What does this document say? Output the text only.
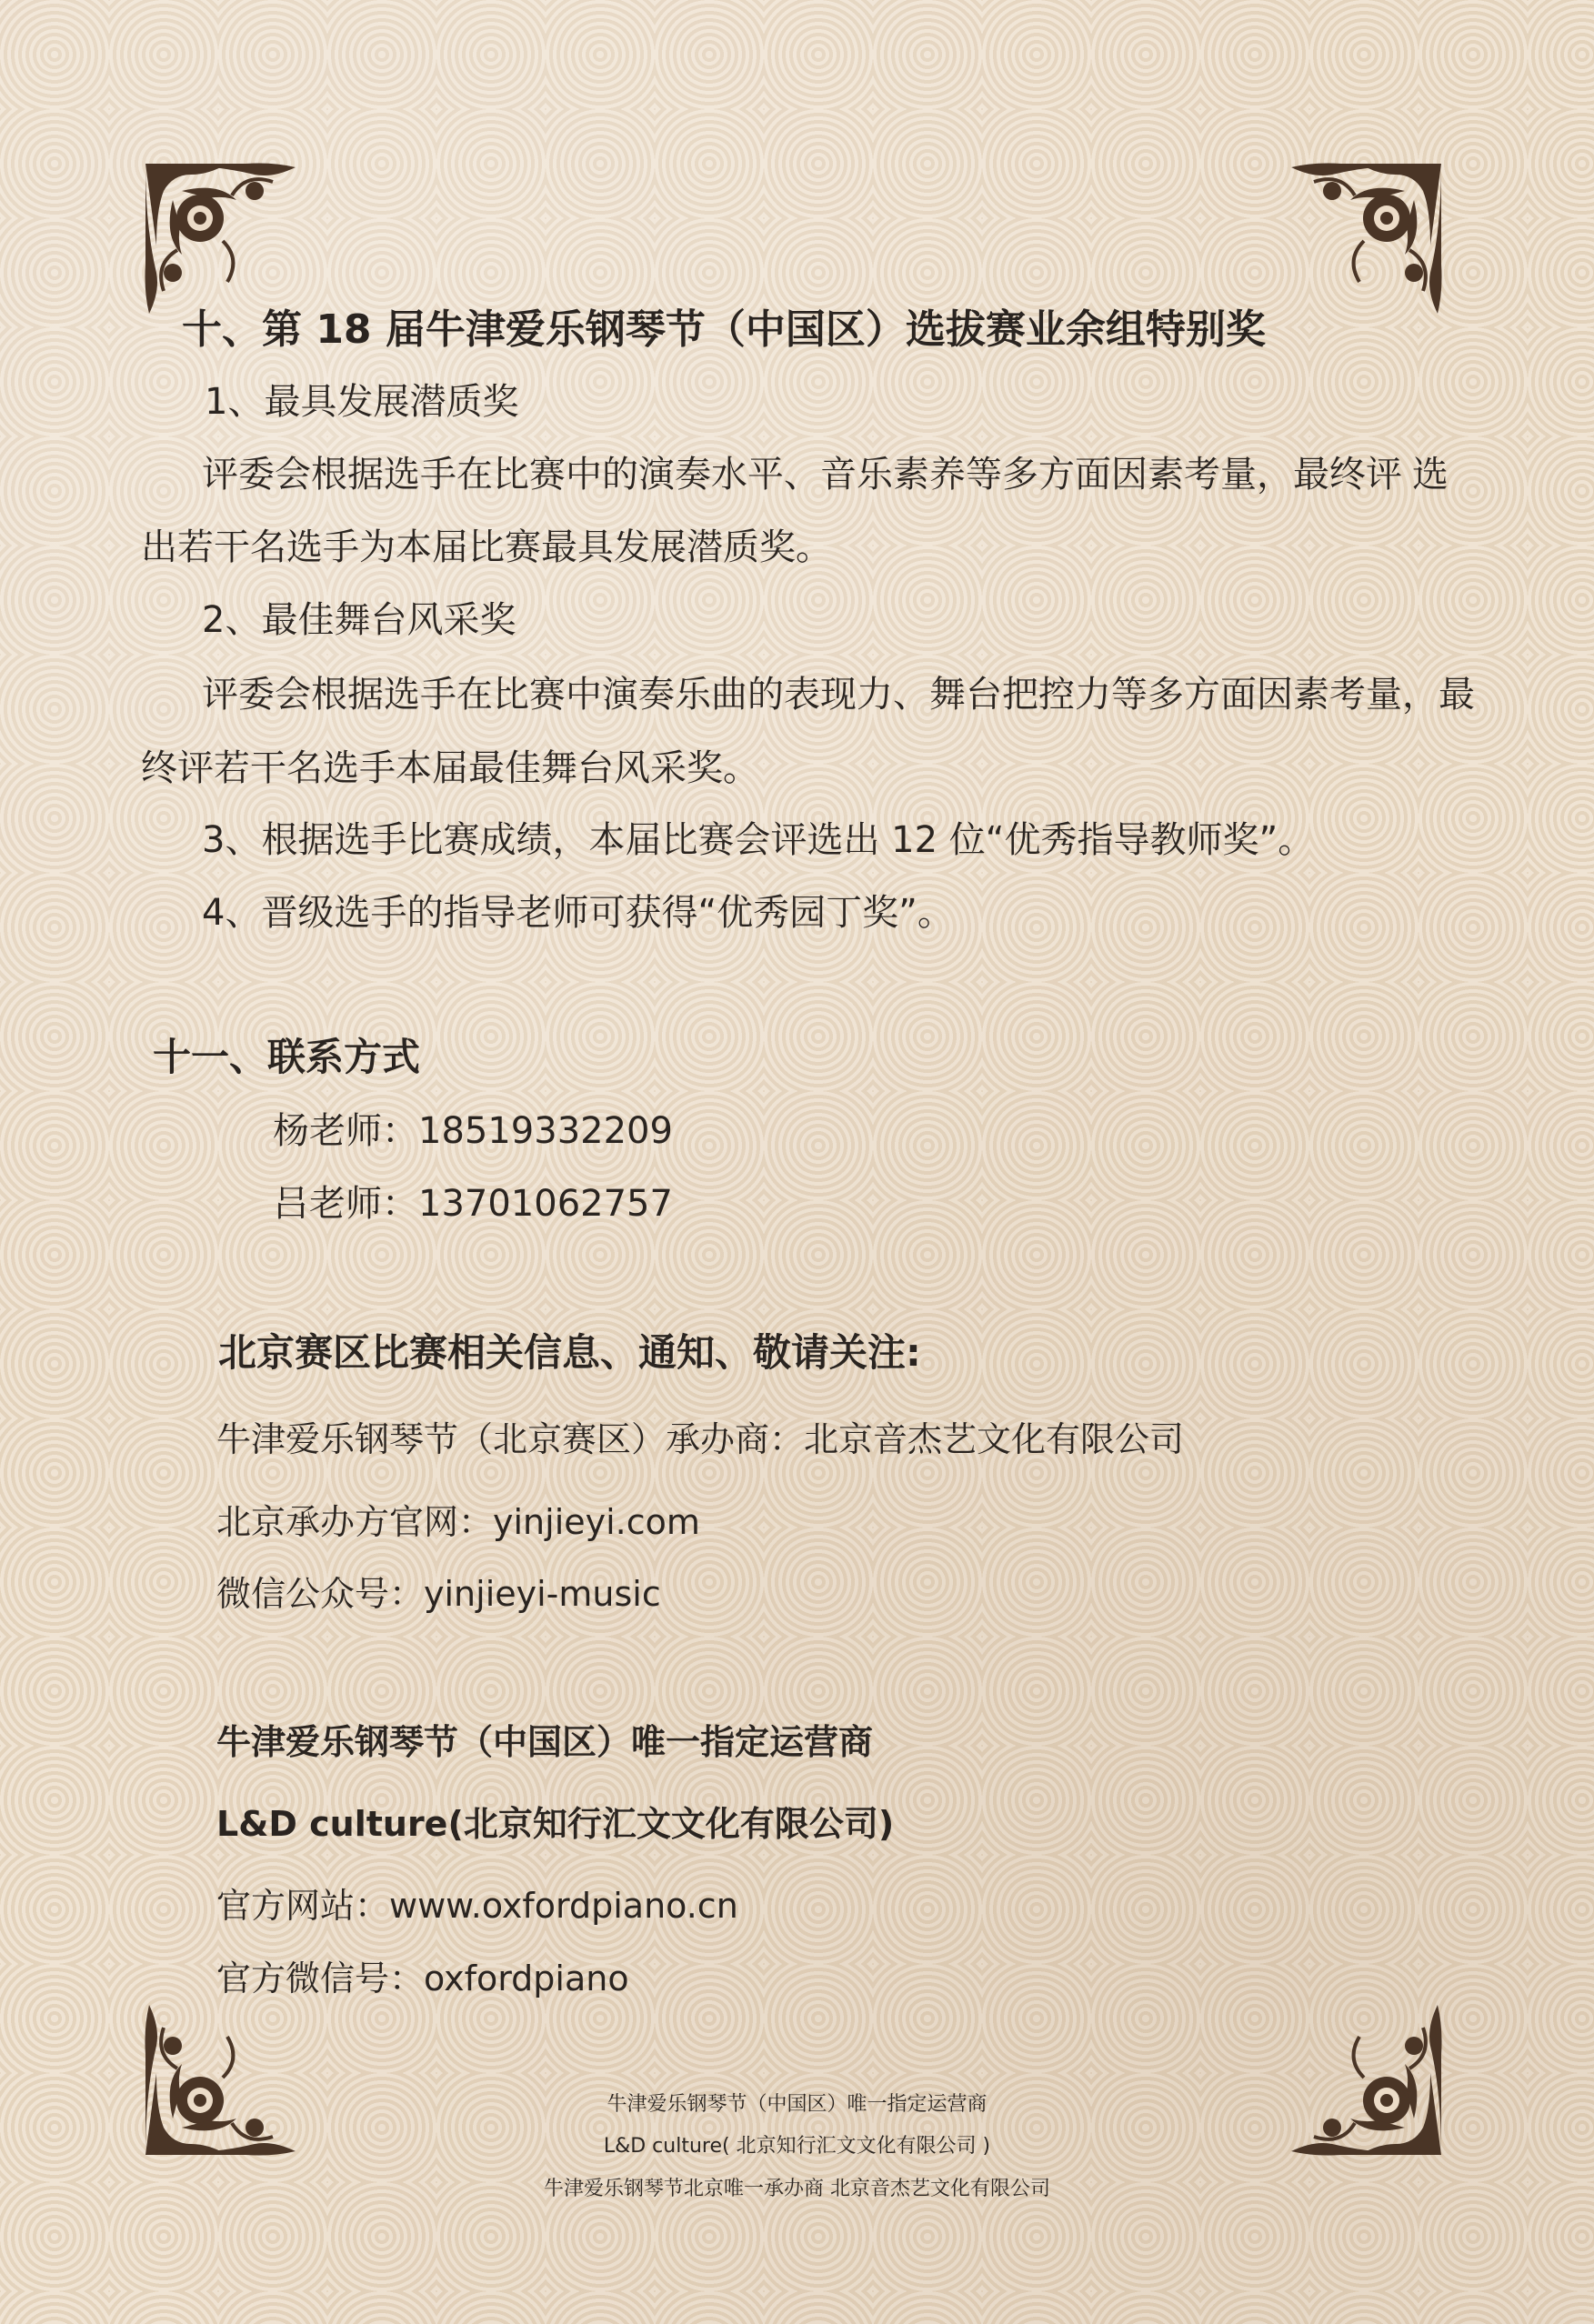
十、第 18 届牛津爱乐钢琴节（中国区）选拔赛业余组特别奖
1、最具发展潜质奖
评委会根据选手在比赛中的演奏水平、音乐素养等多方面因素考量，最终评 选
出若干名选手为本届比赛最具发展潜质奖。
2、最佳舞台风采奖
评委会根据选手在比赛中演奏乐曲的表现力、舞台把控力等多方面因素考量，最
终评若干名选手本届最佳舞台风采奖。
3、根据选手比赛成绩，本届比赛会评选出 12 位“优秀指导教师奖”。
4、晋级选手的指导老师可获得“优秀园丁奖”。
十一、联系方式
杨老师：18519332209
吕老师：13701062757
北京赛区比赛相关信息、通知、敬请关注:
牛津爱乐钢琴节（北京赛区）承办商：北京音杰艺文化有限公司
北京承办方官网：yinjieyi.com
微信公众号：yinjieyi-music
牛津爱乐钢琴节（中国区）唯一指定运营商
L&D culture(北京知行汇文文化有限公司)
官方网站：www.oxfordpiano.cn
官方微信号：oxfordpiano
牛津爱乐钢琴节（中国区）唯一指定运营商
L&D culture( 北京知行汇文文化有限公司 )
牛津爱乐钢琴节北京唯一承办商 北京音杰艺文化有限公司
